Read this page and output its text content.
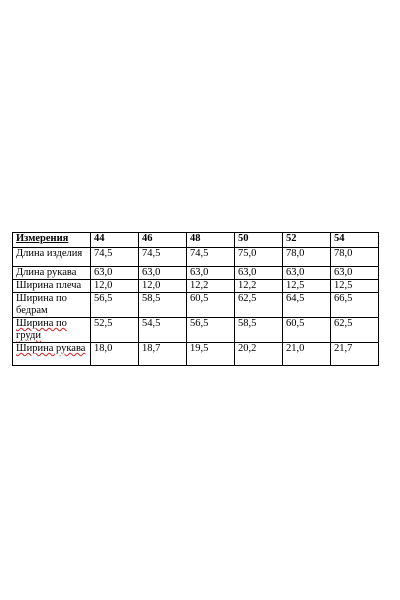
Измерения	44	46	48	50	52	54
Длина изделия	74,5	74,5	74,5	75,0	78,0	78,0
Длина рукава	63,0	63,0	63,0	63,0	63,0	63,0
Ширина плеча	12,0	12,0	12,2	12,2	12,5	12,5
Ширина по бедрам	56,5	58,5	60,5	62,5	64,5	66,5
Ширина по груди	52,5	54,5	56,5	58,5	60,5	62,5
Ширина рукава	18,0	18,7	19,5	20,2	21,0	21,7
